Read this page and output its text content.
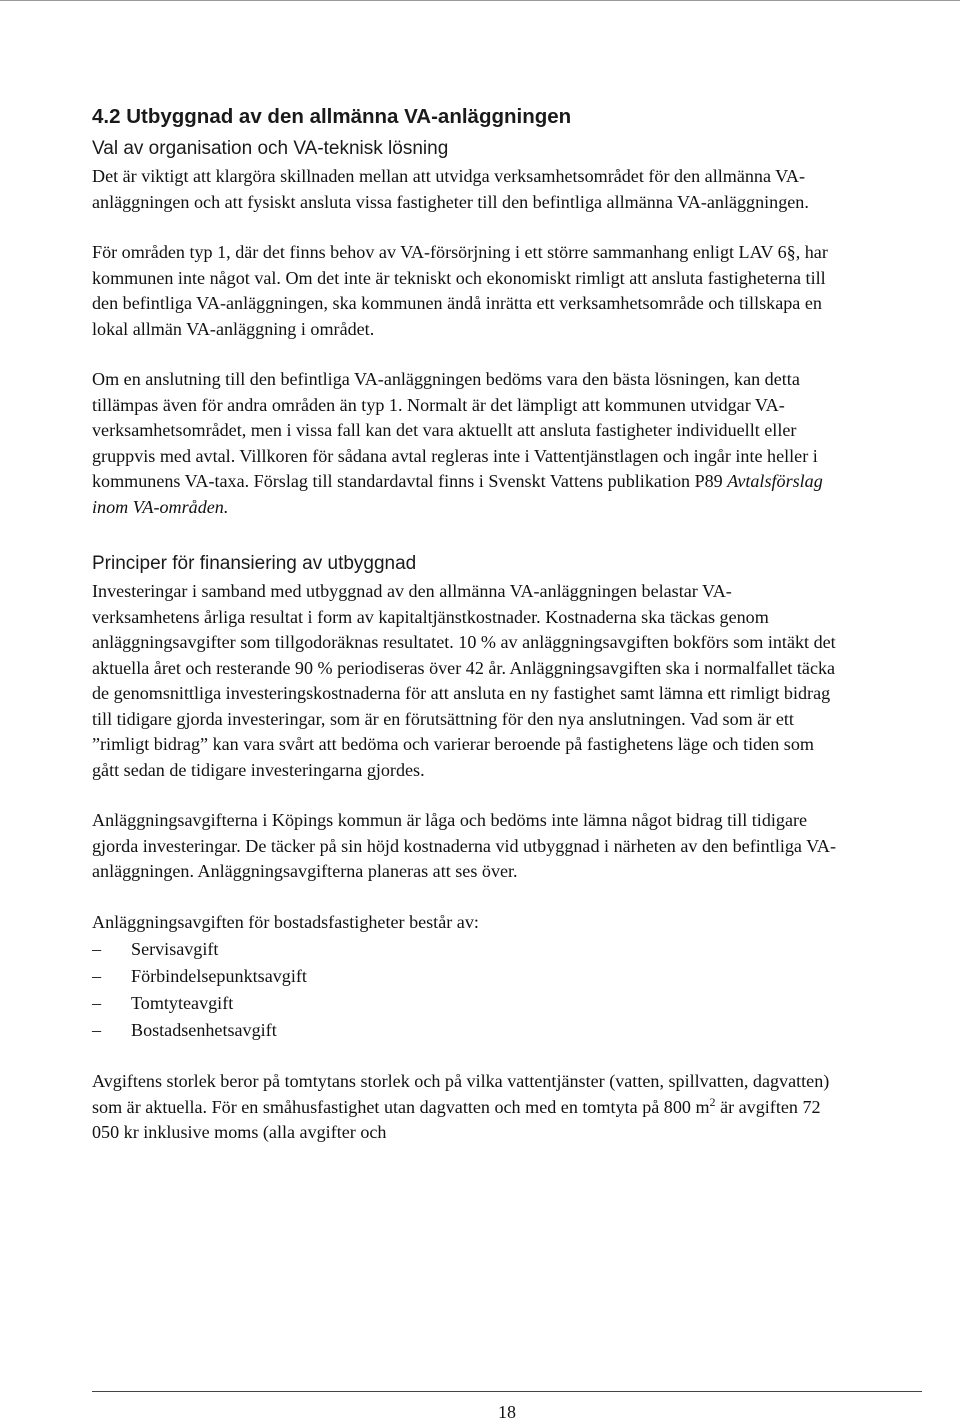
4.2 Utbyggnad av den allmänna VA-anläggningen
Val av organisation och VA-teknisk lösning

Det är viktigt att klargöra skillnaden mellan att utvidga verksamhetsområdet för den allmänna VA-anläggningen och att fysiskt ansluta vissa fastigheter till den befintliga allmänna VA-anläggningen.

För områden typ 1, där det finns behov av VA-försörjning i ett större sammanhang enligt LAV 6§, har kommunen inte något val. Om det inte är tekniskt och ekonomiskt rimligt att ansluta fastigheterna till den befintliga VA-anläggningen, ska kommunen ändå inrätta ett verksamhetsområde och tillskapa en lokal allmän VA-anläggning i området.

Om en anslutning till den befintliga VA-anläggningen bedöms vara den bästa lösningen, kan detta tillämpas även för andra områden än typ 1. Normalt är det lämpligt att kommunen utvidgar VA-verksamhetsområdet, men i vissa fall kan det vara aktuellt att ansluta fastigheter individuellt eller gruppvis med avtal. Villkoren för sådana avtal regleras inte i Vattentjänstlagen och ingår inte heller i kommunens VA-taxa. Förslag till standardavtal finns i Svenskt Vattens publikation P89 Avtalsförslag inom VA-områden.

Principer för finansiering av utbyggnad

Investeringar i samband med utbyggnad av den allmänna VA-anläggningen belastar VA-verksamhetens årliga resultat i form av kapitaltjänstkostnader. Kostnaderna ska täckas genom anläggningsavgifter som tillgodoräknas resultatet. 10 % av anläggningsavgiften bokförs som intäkt det aktuella året och resterande 90 % periodiseras över 42 år. Anläggningsavgiften ska i normalfallet täcka de genomsnittliga investeringskostnaderna för att ansluta en ny fastighet samt lämna ett rimligt bidrag till tidigare gjorda investeringar, som är en förutsättning för den nya anslutningen. Vad som är ett ”rimligt bidrag” kan vara svårt att bedöma och varierar beroende på fastighetens läge och tiden som gått sedan de tidigare investeringarna gjordes.

Anläggningsavgifterna i Köpings kommun är låga och bedöms inte lämna något bidrag till tidigare gjorda investeringar. De täcker på sin höjd kostnaderna vid utbyggnad i närheten av den befintliga VA-anläggningen. Anläggningsavgifterna planeras att ses över.

Anläggningsavgiften för bostadsfastigheter består av:

–	Servisavgift
–	Förbindelsepunktsavgift
–	Tomtyteavgift
–	Bostadsenhetsavgift

Avgiftens storlek beror på tomtytans storlek och på vilka vattentjänster (vatten, spillvatten, dagvatten) som är aktuella. För en småhusfastighet utan dagvatten och med en tomtyta på 800 $m^2$ är avgiften 72 050 kr inklusive moms (alla avgifter och

18
